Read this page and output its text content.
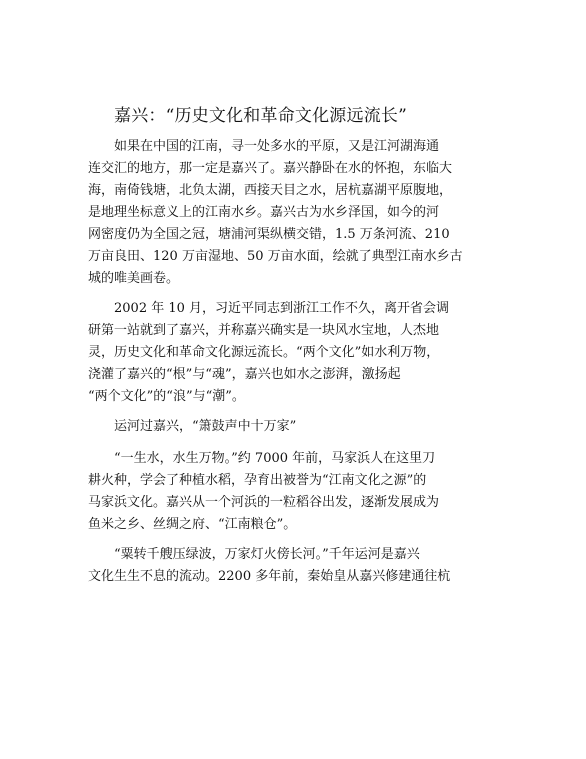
嘉兴：“历史文化和革命文化源远流长”
如果在中国的江南，寻一处多水的平原，又是江河湖海通
连交汇的地方，那一定是嘉兴了。嘉兴静卧在水的怀抱，东临大
海，南倚钱塘，北负太湖，西接天目之水，居杭嘉湖平原腹地，
是地理坐标意义上的江南水乡。嘉兴古为水乡泽国，如今的河
网密度仍为全国之冠，塘浦河渠纵横交错，1.5 万条河流、210
万亩良田、120 万亩湿地、50 万亩水面，绘就了典型江南水乡古
城的唯美画卷。
2002 年 10 月，习近平同志到浙江工作不久，离开省会调
研第一站就到了嘉兴，并称嘉兴确实是一块风水宝地，人杰地
灵，历史文化和革命文化源远流长。“两个文化”如水利万物，
浇灌了嘉兴的“根”与“魂”，嘉兴也如水之澎湃，激扬起
“两个文化”的“浪”与“潮”。
运河过嘉兴，“箫鼓声中十万家”
“一生水，水生万物。”约 7000 年前，马家浜人在这里刀
耕火种，学会了种植水稻，孕育出被誉为“江南文化之源”的
马家浜文化。嘉兴从一个河浜的一粒稻谷出发，逐渐发展成为
鱼米之乡、丝绸之府、“江南粮仓”。
“粟转千艘压绿波，万家灯火傍长河。”千年运河是嘉兴
文化生生不息的流动。2200 多年前，秦始皇从嘉兴修建通往杭
